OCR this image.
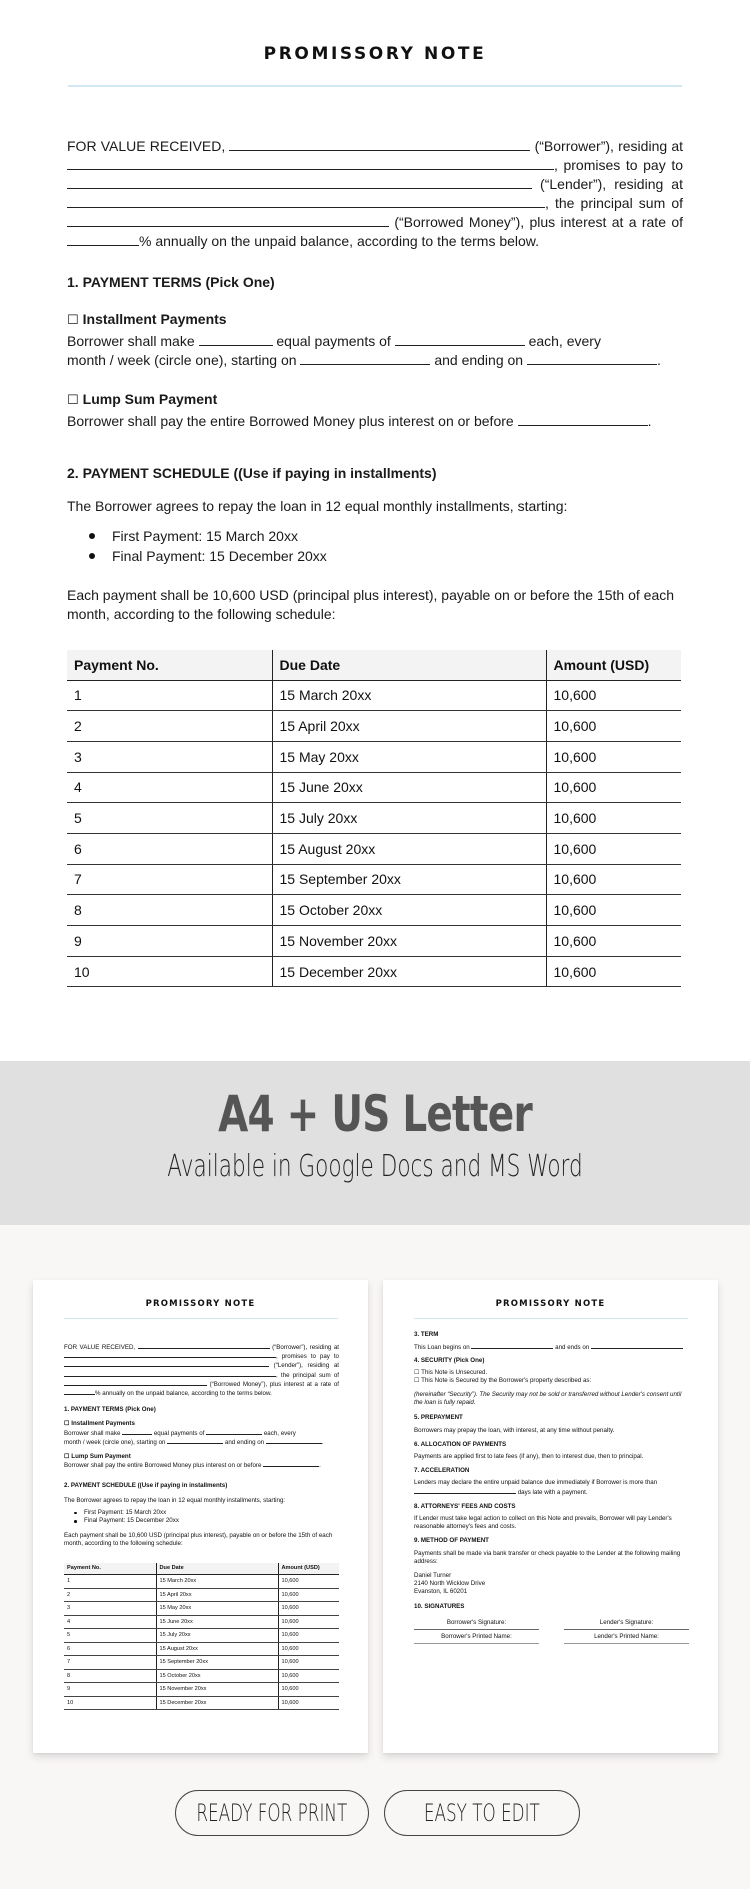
PROMISSORY NOTE
FOR VALUE RECEIVED,	(“Borrower”), residing at
, promises to pay to
(“Lender”), residing at
, the principal sum of
(“Borrowed Money”), plus interest at a rate of
% annually on the unpaid balance, according to the terms below.
1. PAYMENT TERMS (Pick One)
☐ Installment Payments
Borrower shall make	equal payments of	each, every
month / week (circle one), starting on	and ending on	.
☐ Lump Sum Payment
Borrower shall pay the entire Borrowed Money plus interest on or before	.
2. PAYMENT SCHEDULE ((Use if paying in installments)
The Borrower agrees to repay the loan in 12 equal monthly installments, starting:
First Payment: 15 March 20xx
Final Payment: 15 December 20xx
Each payment shall be 10,600 USD (principal plus interest), payable on or before the 15th of each month, according to the following schedule:
Payment No.	Due Date	Amount (USD)
1	15 March 20xx	10,600
2	15 April 20xx	10,600
3	15 May 20xx	10,600
4	15 June 20xx	10,600
5	15 July 20xx	10,600
6	15 August 20xx	10,600
7	15 September 20xx	10,600
8	15 October 20xx	10,600
9	15 November 20xx	10,600
10	15 December 20xx	10,600
A4 + US Letter
Available in Google Docs and MS Word
PROMISSORY NOTE
FOR VALUE RECEIVED,	(“Borrower”), residing at
, promises to pay to
(“Lender”), residing at
, the principal sum of
(“Borrowed Money”), plus interest at a rate of
% annually on the unpaid balance, according to the terms below.
1. PAYMENT TERMS (Pick One)
☐ Installment Payments
Borrower shall make	equal payments of	each, every
month / week (circle one), starting on	and ending on	.
☐ Lump Sum Payment
Borrower shall pay the entire Borrowed Money plus interest on or before	.
2. PAYMENT SCHEDULE ((Use if paying in installments)
The Borrower agrees to repay the loan in 12 equal monthly installments, starting:
First Payment: 15 March 20xx
Final Payment: 15 December 20xx
Each payment shall be 10,600 USD (principal plus interest), payable on or before the 15th of each month, according to the following schedule:
Payment No.	Due Date	Amount (USD)
1	15 March 20xx	10,600
2	15 April 20xx	10,600
3	15 May 20xx	10,600
4	15 June 20xx	10,600
5	15 July 20xx	10,600
6	15 August 20xx	10,600
7	15 September 20xx	10,600
8	15 October 20xx	10,600
9	15 November 20xx	10,600
10	15 December 20xx	10,600
PROMISSORY NOTE
3. TERM
This Loan begins on	and ends on
4. SECURITY (Pick One)
☐ This Note is Unsecured.
☐ This Note is Secured by the Borrower's property described as:
(hereinafter “Security”). The Security may not be sold or transferred without Lender's consent until the loan is fully repaid.
5. PREPAYMENT
Borrowers may prepay the loan, with interest, at any time without penalty.
6. ALLOCATION OF PAYMENTS
Payments are applied first to late fees (if any), then to interest due, then to principal.
7. ACCELERATION
Lenders may declare the entire unpaid balance due immediately if Borrower is more than
days late with a payment.
8. ATTORNEYS' FEES AND COSTS
If Lender must take legal action to collect on this Note and prevails, Borrower will pay Lender's reasonable attorney's fees and costs.
9. METHOD OF PAYMENT
Payments shall be made via bank transfer or check payable to the Lender at the following mailing address:
Daniel Turner
2140 North Wicklow Drive
Evanston, IL 60201
10. SIGNATURES
Borrower's Signature:
Borrower's Printed Name:
Lender's Signature:
Lender's Printed Name:
READY FOR PRINT	EASY TO EDIT
